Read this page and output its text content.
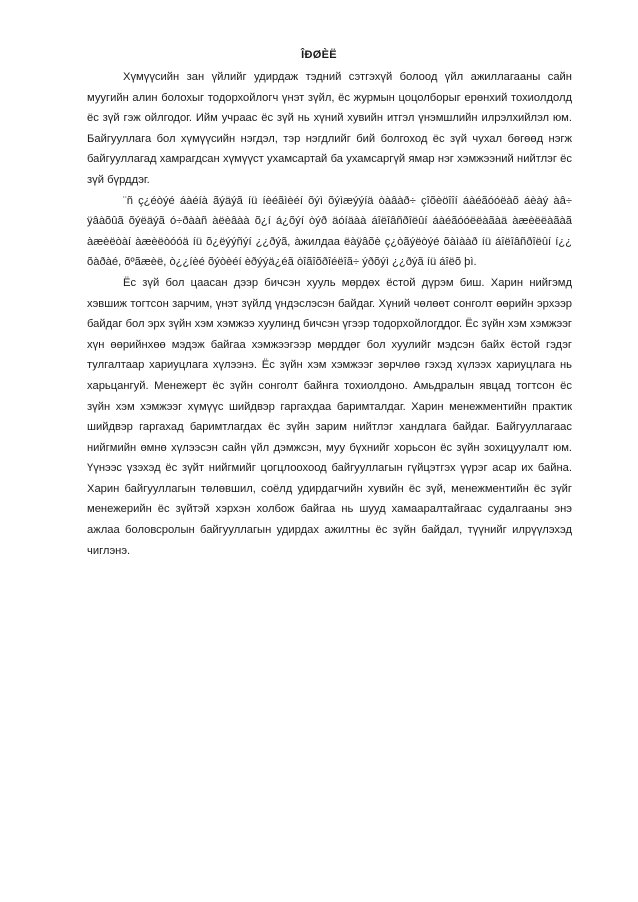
ÎÐØÈË

Хүмүүсийн зан үйлийг удирдаж тэдний сэтгэхүй болоод үйл ажиллагааны сайн муугийн алин болохыг тодорхойлогч үнэт зүйл, ёс журмын цоцолборыг ерөнхий тохиолдолд ёс зүй гэж ойлгодог. Ийм учраас ёс зүй нь хүний хувийн итгэл үнэмшлийн илрэлхийлэл юм. Байгууллага бол хүмүүсийн нэгдэл, тэр нэгдлийг бий болгоход ёс зүй чухал бөгөөд нэгж байгууллагад хамрагдсан хүмүүст ухамсартай ба ухамсаргүй ямар нэг хэмжээний нийтлэг ёс зүй бүрддэг.

¨ñ ç¿éòýé áàéíà ãýäýã íü íèéãìèéí õýì õýìæýýíä òàâàð÷ çîõèöîîí áàéãóóëàõ áèàý àâ÷ ÿâàõûã õýëäýã ó÷ðààñ àëèâàà õ¿í á¿õýí òýð äóíäàà áîëîâñðîëûí áàéãóóëëàãàä àæèëëàãàã àæèëòàí àæèëòóóä íü õ¿ëýýñýí ¿¿ðýã, àжилдаа ëàÿâõè ç¿òãýëòýé õàìààð íü áîëîâñðîëûí í¿¿ õàðàé, õºãæèë, ò¿¿íèé õýòèéí èðýýä¿éã òîãîõðîéëîã÷ ýðõýì ¿¿ðýã íü áîëõ þì.

Ёс зүй бол цаасан дээр бичсэн хууль мөрдөх ёстой дүрэм биш. Харин нийгэмд хэвшиж тогтсон зарчим, үнэт зүйлд үндэслэсэн байдаг. Хүний чөлөөт сонголт өөрийн эрхээр байдаг бол эрх зүйн хэм хэмжээ хуулинд бичсэн үгээр тодорхойлогддог. Ёс зүйн хэм хэмжээг хүн өөрийнхөө мэдэж байгаа хэмжээгээр мөрддөг бол хуулийг мэдсэн байх ёстой гэдэг тулгалтаар хариуцлага хүлээнэ. Ёс зүйн хэм хэмжээг зөрчлөө гэхэд хүлээх хариуцлага нь харьцангуй. Менежерт ёс зүйн сонголт байнга тохиолдоно. Амьдралын явцад тогтсон ёс зүйн хэм хэмжээг хүмүүс шийдвэр гаргахдаа баримталдаг. Харин менежментийн практик шийдвэр гаргахад баримтлагдах ёс зүйн зарим нийтлэг хандлага байдаг. Байгууллагаас нийгмийн өмнө хүлээсэн сайн үйл дэмжсэн, муу бүхнийг хорьсон ёс зүйн зохицуулалт юм. Үүнээс үзэхэд ёс зүйт нийгмийг цогцлоохоод байгууллагын гүйцэтгэх үүрэг асар их байна. Харин байгууллагын төлөвшил, соёлд удирдагчийн хувийн ёс зүй, менежментийн ёс зүйг менежерийн ёс зүйтэй хэрхэн холбож байгаа нь шууд хамааралтайгаас судалгааны энэ ажлаа боловсролын байгууллагын удирдах ажилтны ёс зүйн байдал, түүнийг илрүүлэхэд чиглэнэ.
